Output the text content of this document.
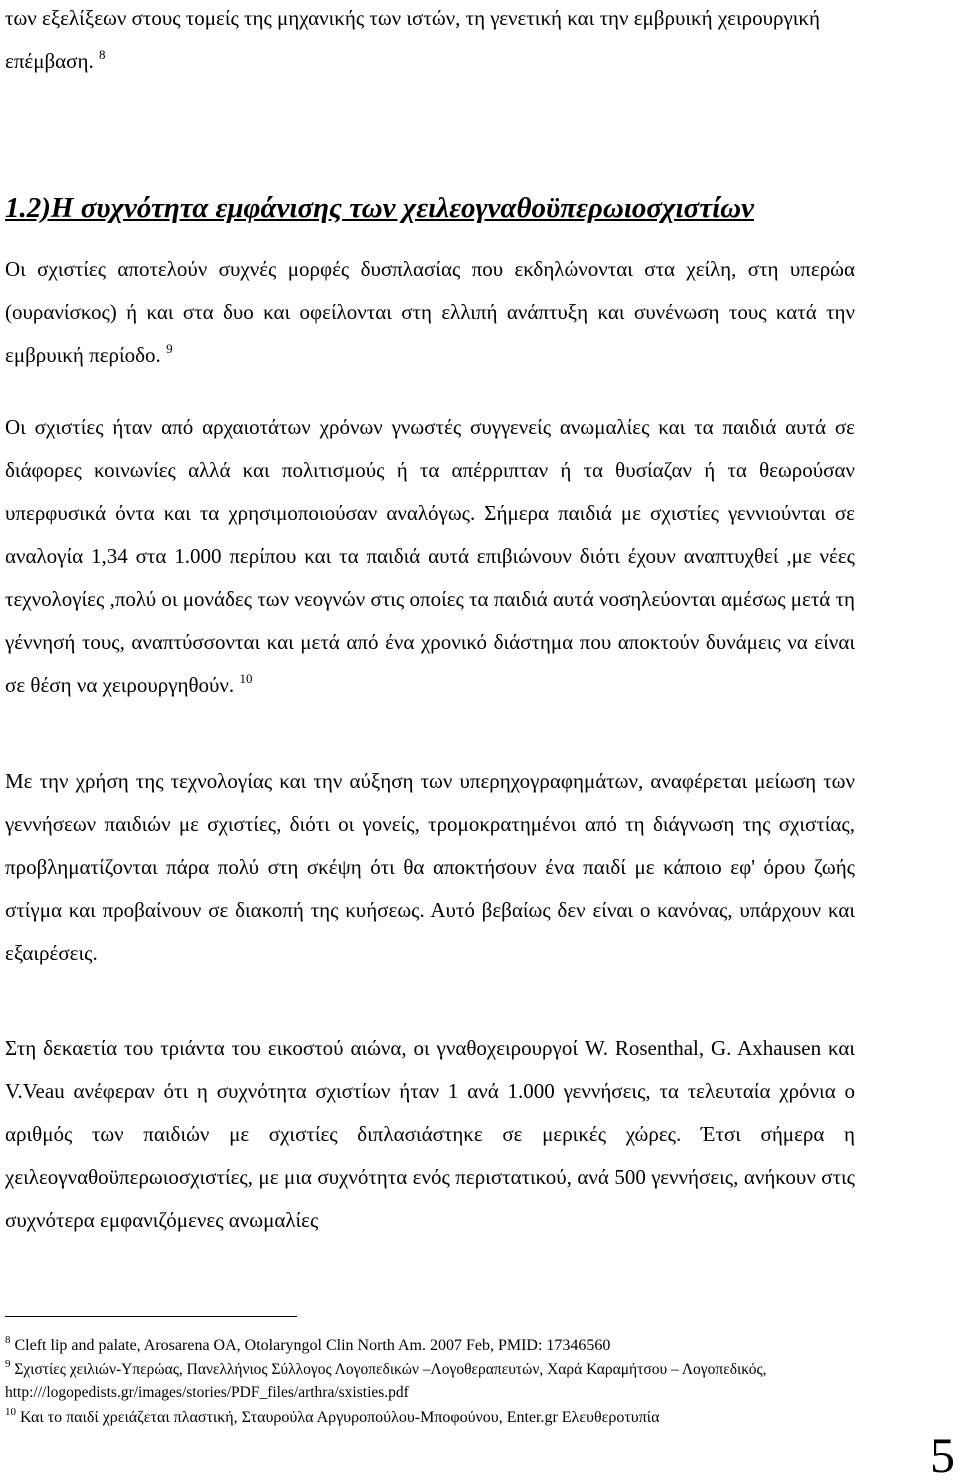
των εξελίξεων στους τομείς της μηχανικής των ιστών, τη γενετική και την εμβρυική χειρουργική επέμβαση. $^8$

1.2)Η συχνότητα εμφάνισης των χειλεογναθοϋπερωιοσχιστίων

Οι σχιστίες αποτελούν συχνές μορφές δυσπλασίας που εκδηλώνονται στα χείλη, στη υπερώα (ουρανίσκος) ή και στα δυο και οφείλονται στη ελλιπή ανάπτυξη και συνένωση τους κατά την εμβρυική περίοδο. $^9$

Οι σχιστίες ήταν από αρχαιοτάτων χρόνων γνωστές συγγενείς ανωμαλίες και τα παιδιά αυτά σε διάφορες κοινωνίες αλλά και πολιτισμούς ή τα απέρριπταν ή τα θυσίαζαν ή τα θεωρούσαν υπερφυσικά όντα και τα χρησιμοποιούσαν αναλόγως. Σήμερα παιδιά με σχιστίες γεννιούνται σε αναλογία 1,34 στα 1.000 περίπου και τα παιδιά αυτά επιβιώνουν διότι έχουν αναπτυχθεί ,με νέες τεχνολογίες ,πολύ οι μονάδες των νεογνών στις οποίες τα παιδιά αυτά νοσηλεύονται αμέσως μετά τη γέννησή τους, αναπτύσσονται και μετά από ένα χρονικό διάστημα που αποκτούν δυνάμεις να είναι σε θέση να χειρουργηθούν. $^{10}$

Με την χρήση της τεχνολογίας και την αύξηση των υπερηχογραφημάτων, αναφέρεται μείωση των γεννήσεων παιδιών με σχιστίες, διότι οι γονείς, τρομοκρατημένοι από τη διάγνωση της σχιστίας, προβληματίζονται πάρα πολύ στη σκέψη ότι θα αποκτήσουν ένα παιδί με κάποιο εφ' όρου ζωής στίγμα και προβαίνουν σε διακοπή της κυήσεως. Αυτό βεβαίως δεν είναι ο κανόνας, υπάρχουν και εξαιρέσεις.

Στη δεκαετία του τριάντα του εικοστού αιώνα, οι γναθοχειρουργοί W. Rosenthal, G. Axhausen και V.Veau ανέφεραν ότι η συχνότητα σχιστίων ήταν 1 ανά 1.000 γεννήσεις, τα τελευταία χρόνια ο αριθμός των παιδιών με σχιστίες διπλασιάστηκε σε μερικές χώρες. Έτσι σήμερα η χειλεογναθοϋπερωιοσχιστίες, με μια συχνότητα ενός περιστατικού, ανά 500 γεννήσεις, ανήκουν στις συχνότερα εμφανιζόμενες ανωμαλίες

$^8$ Cleft lip and palate, Arosarena OA, Otolaryngol Clin North Am. 2007 Feb, PMID: 17346560

$^9$ Σχιστίες χειλιών-Υπερώας, Πανελλήνιος Σύλλογος Λογοπεδικών –Λογοθεραπευτών, Χαρά Καραμήτσου – Λογοπεδικός, http:///logopedists.gr/images/stories/PDF_files/arthra/sxisties.pdf

$^{10}$ Και το παιδί χρειάζεται πλαστική, Σταυρούλα Αργυροπούλου-Μποφούνου, Enter.gr Ελευθεροτυπία

5
